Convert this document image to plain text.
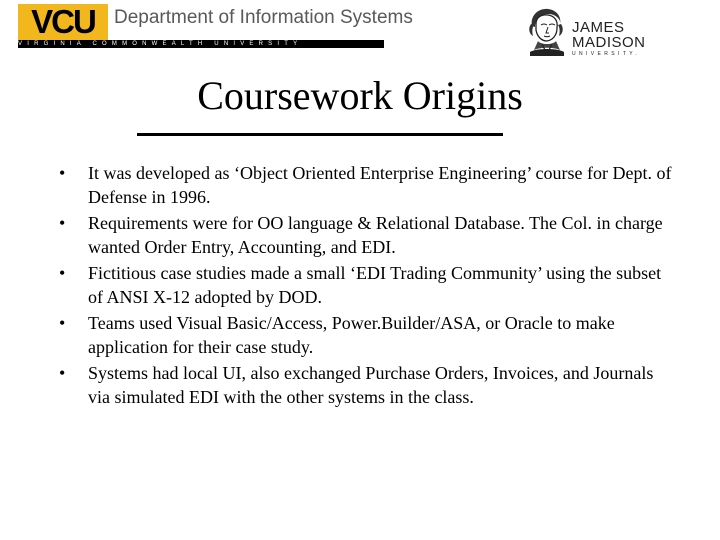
VCU	Department of Information Systems
VIRGINIA COMMONWEALTH UNIVERSITY
JAMES
MADISON
UNIVERSITY.
Coursework Origins
• It was developed as ‘Object Oriented Enterprise Engineering’ course for Dept. of Defense in 1996.
• Requirements were for OO language & Relational Database. The Col. in charge wanted Order Entry, Accounting, and EDI.
• Fictitious case studies made a small ‘EDI Trading Community’ using the subset of ANSI X-12 adopted by DOD.
• Teams used Visual Basic/Access, Power.Builder/ASA, or Oracle to make application for their case study.
• Systems had local UI, also exchanged Purchase Orders, Invoices, and Journals via simulated EDI with the other systems in the class.
